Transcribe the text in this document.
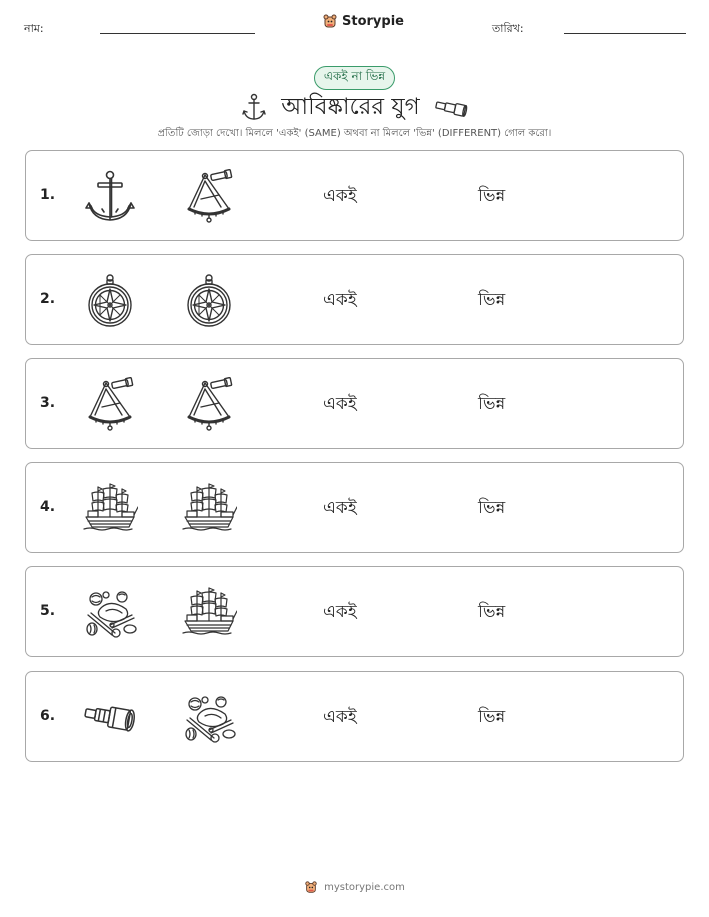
নাম:	Storypie	তারিখ:
একই না ভিন্ন
আবিষ্কারের যুগ
প্রতিটি জোড়া দেখো। মিললে 'একই' (SAME) অথবা না মিললে 'ভিন্ন' (DIFFERENT) গোল করো।
1.	একই	ভিন্ন
2.	একই	ভিন্ন
3.	একই	ভিন্ন
4.	একই	ভিন্ন
5.	একই	ভিন্ন
6.	একই	ভিন্ন
mystorypie.com
